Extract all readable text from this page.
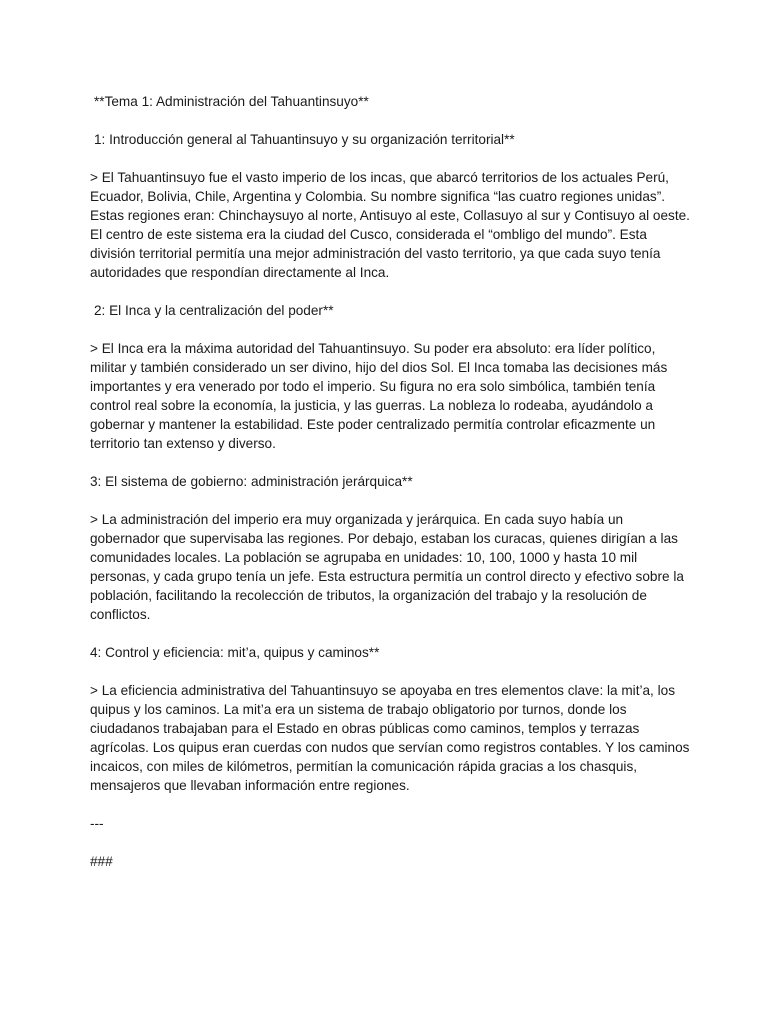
**Tema 1: Administración del Tahuantinsuyo**

1: Introducción general al Tahuantinsuyo y su organización territorial**

> El Tahuantinsuyo fue el vasto imperio de los incas, que abarcó territorios de los actuales Perú, Ecuador, Bolivia, Chile, Argentina y Colombia. Su nombre significa “las cuatro regiones unidas”. Estas regiones eran: Chinchaysuyo al norte, Antisuyo al este, Collasuyo al sur y Contisuyo al oeste. El centro de este sistema era la ciudad del Cusco, considerada el “ombligo del mundo”. Esta división territorial permitía una mejor administración del vasto territorio, ya que cada suyo tenía autoridades que respondían directamente al Inca.

2: El Inca y la centralización del poder**

> El Inca era la máxima autoridad del Tahuantinsuyo. Su poder era absoluto: era líder político, militar y también considerado un ser divino, hijo del dios Sol. El Inca tomaba las decisiones más importantes y era venerado por todo el imperio. Su figura no era solo simbólica, también tenía control real sobre la economía, la justicia, y las guerras. La nobleza lo rodeaba, ayudándolo a gobernar y mantener la estabilidad. Este poder centralizado permitía controlar eficazmente un territorio tan extenso y diverso.

3: El sistema de gobierno: administración jerárquica**

> La administración del imperio era muy organizada y jerárquica. En cada suyo había un gobernador que supervisaba las regiones. Por debajo, estaban los curacas, quienes dirigían a las comunidades locales. La población se agrupaba en unidades: 10, 100, 1000 y hasta 10 mil personas, y cada grupo tenía un jefe. Esta estructura permitía un control directo y efectivo sobre la población, facilitando la recolección de tributos, la organización del trabajo y la resolución de conflictos.

4: Control y eficiencia: mit’a, quipus y caminos**

> La eficiencia administrativa del Tahuantinsuyo se apoyaba en tres elementos clave: la mit’a, los quipus y los caminos. La mit’a era un sistema de trabajo obligatorio por turnos, donde los ciudadanos trabajaban para el Estado en obras públicas como caminos, templos y terrazas agrícolas. Los quipus eran cuerdas con nudos que servían como registros contables. Y los caminos incaicos, con miles de kilómetros, permitían la comunicación rápida gracias a los chasquis, mensajeros que llevaban información entre regiones.

---

###
